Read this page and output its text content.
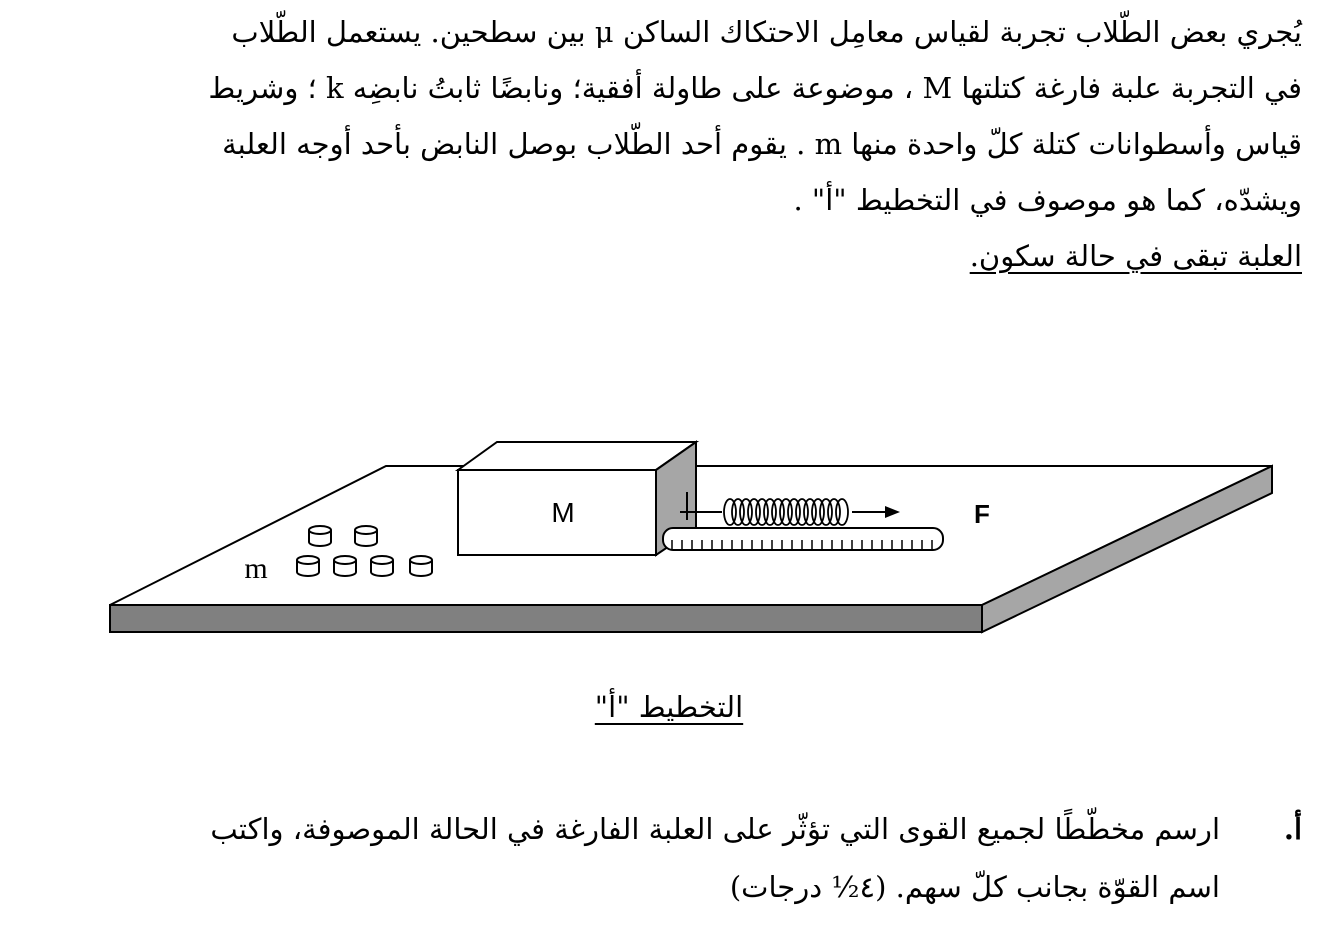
يُجري بعض الطّلاب تجربة لقياس معامِل الاحتكاك الساكن μ بين سطحين. يستعمل الطّلاب
في التجربة علبة فارغة كتلتها M ، موضوعة على طاولة أفقية؛ ونابضًا ثابتُ نابضِه k ؛ وشريط
قياس وأسطوانات كتلة كلّ واحدة منها m . يقوم أحد الطّلاب بوصل النابض بأحد أوجه العلبة
ويشدّه، كما هو موصوف في التخطيط "أ" .
العلبة تبقى في حالة سكون.
M	F
m
التخطيط "أ"
أ.
ارسم مخطّطًا لجميع القوى التي تؤثّر على العلبة الفارغة في الحالة الموصوفة، واكتب
اسم القوّة بجانب كلّ سهم. (٤½ درجات)
